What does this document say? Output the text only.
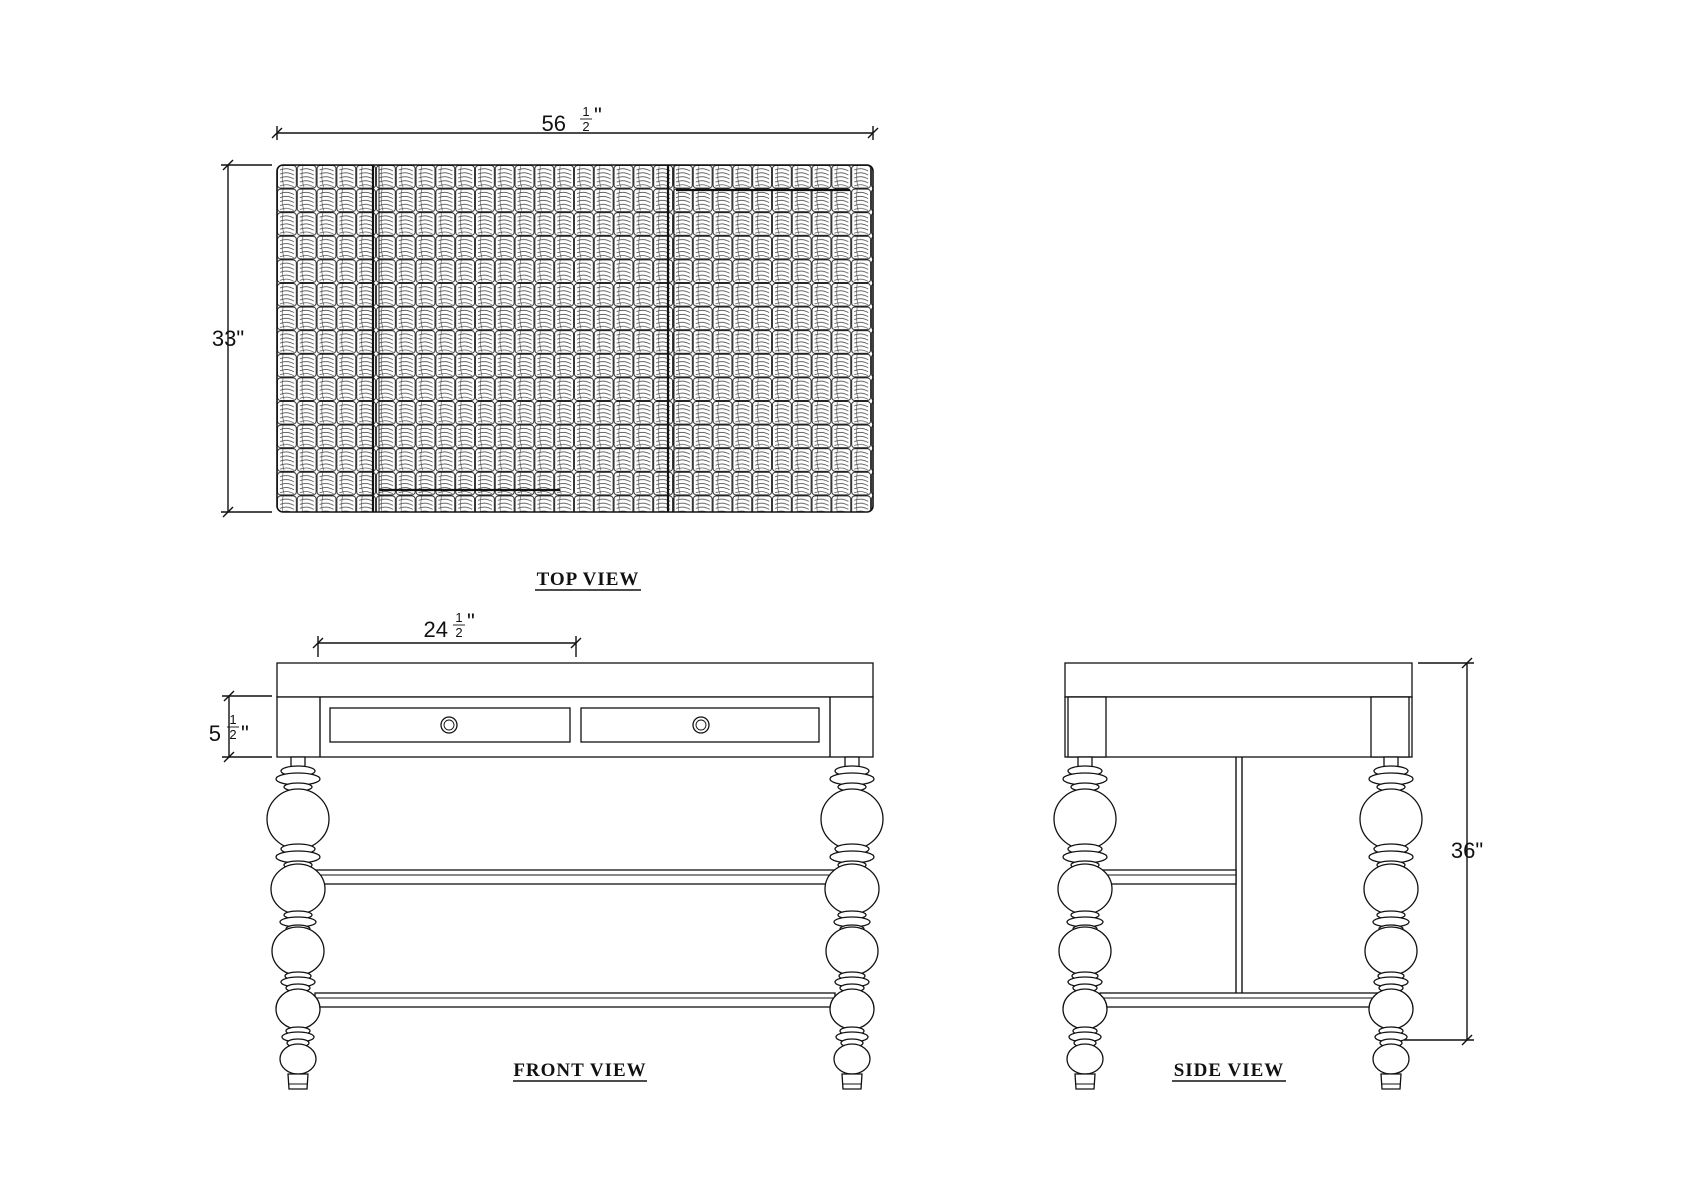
56 1
2 "
33"
TOP VIEW
24 1
2 "
5
1
2 "
FRONT VIEW
36"
SIDE VIEW
